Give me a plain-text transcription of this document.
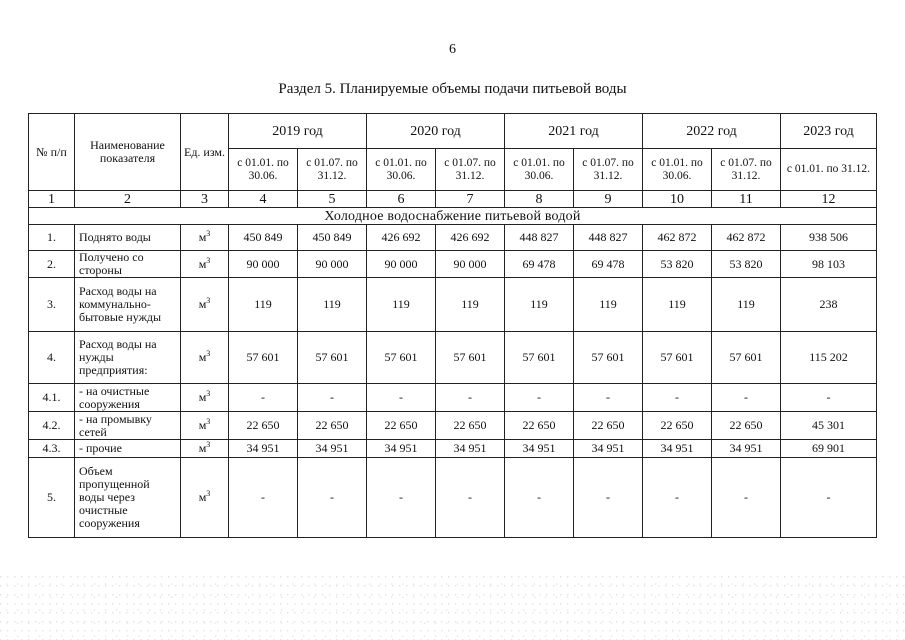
6
Раздел 5. Планируемые объемы подачи питьевой воды
№ п/п	Наименование показателя	Ед. изм.	2019 год		2020 год		2021 год		2022 год		2023 год
			с 01.01. по 30.06.	с 01.07. по 31.12.	с 01.01. по 30.06.	с 01.07. по 31.12.	с 01.01. по 30.06.	с 01.07. по 31.12.	с 01.01. по 30.06.	с 01.07. по 31.12.	с 01.01. по 31.12.
1	2	3	4	5	6	7	8	9	10	11	12
Холодное водоснабжение питьевой водой											
1.	Поднято воды	$м^3$	450 849	450 849	426 692	426 692	448 827	448 827	462 872	462 872	938 506
2.	Получено со стороны	$м^3$	90 000	90 000	90 000	90 000	69 478	69 478	53 820	53 820	98 103
3.	Расход воды на коммунально-бытовые нужды	$м^3$	119	119	119	119	119	119	119	119	238
4.	Расход воды на нужды предприятия:	$м^3$	57 601	57 601	57 601	57 601	57 601	57 601	57 601	57 601	115 202
4.1.	- на очистные сооружения	$м^3$	-	-	-	-	-	-	-	-	-
4.2.	- на промывку сетей	$м^3$	22 650	22 650	22 650	22 650	22 650	22 650	22 650	22 650	45 301
4.3.	- прочие	$м^3$	34 951	34 951	34 951	34 951	34 951	34 951	34 951	34 951	69 901
5.	Объем пропущенной воды через очистные сооружения	$м^3$	-	-	-	-	-	-	-	-	-
